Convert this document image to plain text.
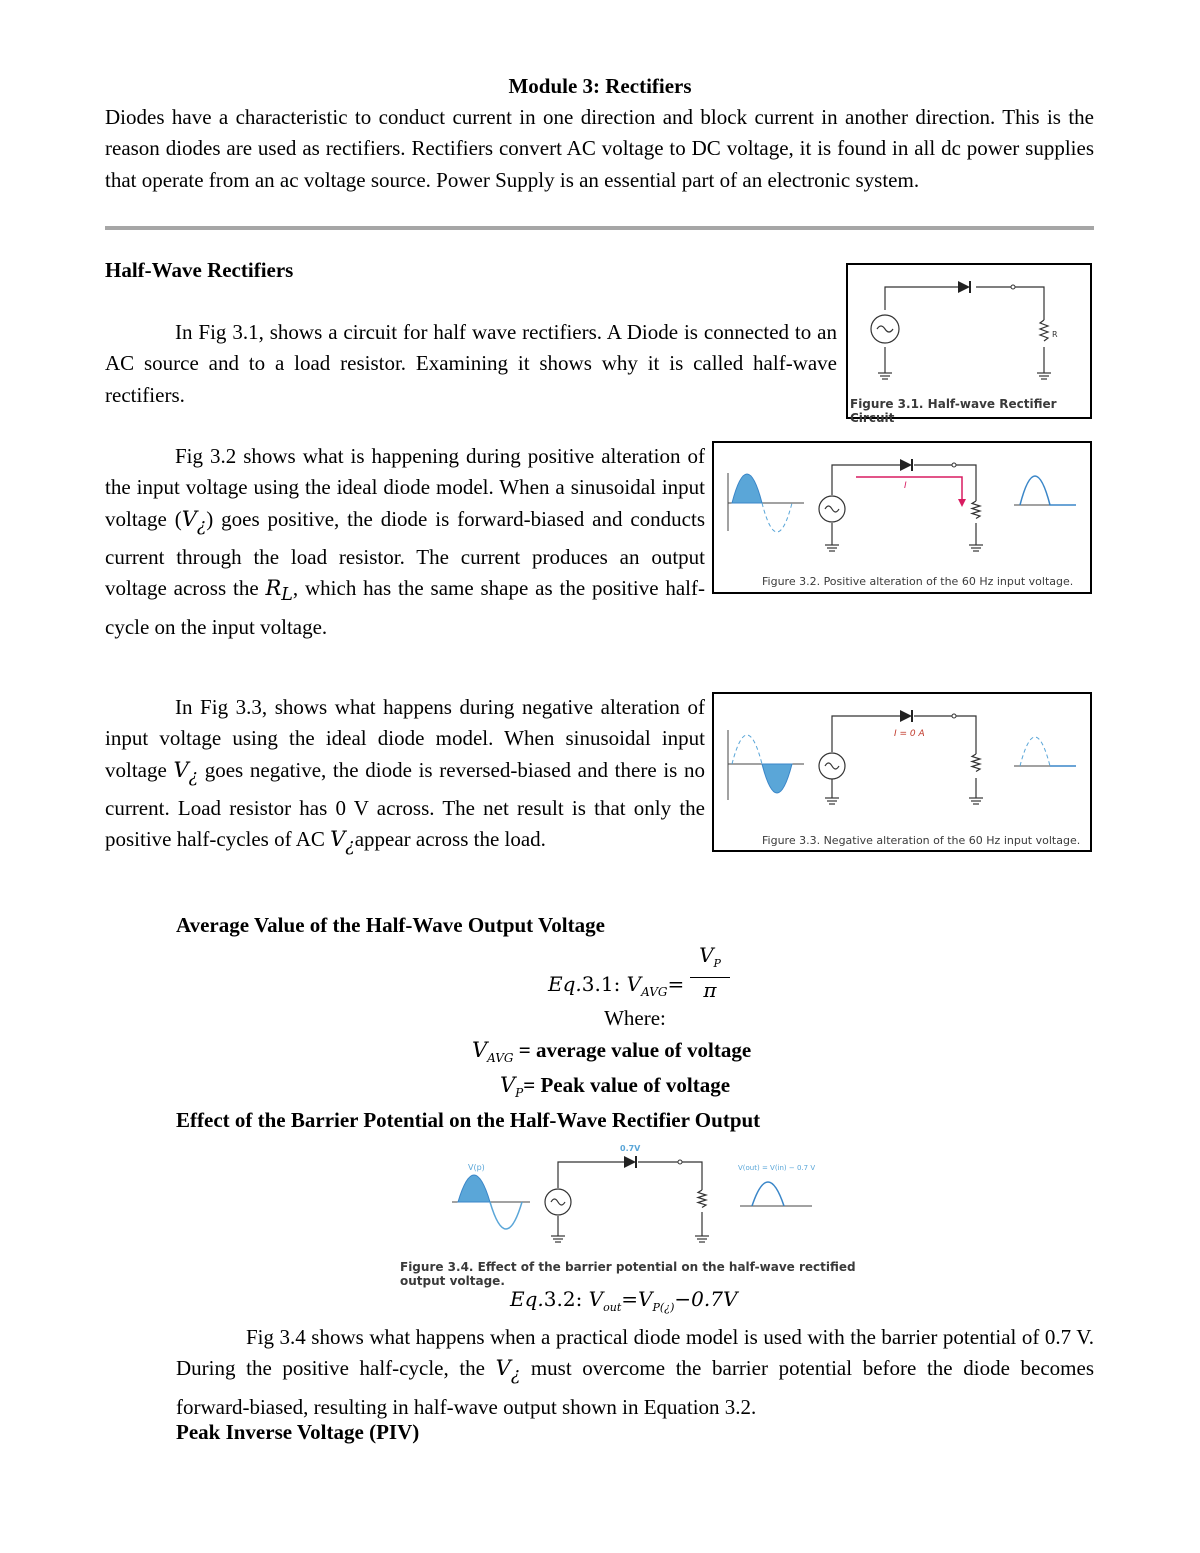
Module 3: Rectifiers
Diodes have a characteristic to conduct current in one direction and block current in another direction. This is the reason diodes are used as rectifiers. Rectifiers convert AC voltage to DC voltage, it is found in all dc power supplies that operate from an ac voltage source. Power Supply is an essential part of an electronic system.
Half-Wave Rectifiers
In Fig 3.1, shows a circuit for half wave rectifiers. A Diode is connected to an AC source and to a load resistor. Examining it shows why it is called half-wave rectifiers.
Fig 3.2 shows what is happening during positive alteration of the input voltage using the ideal diode model. When a sinusoidal input voltage $(V_¿)$ goes positive, the diode is forward-biased and conducts current through the load resistor. The current produces an output voltage across the $R_L$, which has the same shape as the positive half-cycle on the input voltage.
In Fig 3.3, shows what happens during negative alteration of input voltage using the ideal diode model. When sinusoidal input voltage $V_¿$ goes negative, the diode is reversed-biased and there is no current. Load resistor has 0 V across. The net result is that only the positive half-cycles of AC $V_¿appear$ across the load.
R
Figure 3.1. Half-wave Rectifier Circuit
I
Figure 3.2. Positive alteration of the 60 Hz input voltage.
I = 0 A
Figure 3.3. Negative alteration of the 60 Hz input voltage.
Average Value of the Half-Wave Output Voltage
Eq.3.1: $V_{AVG}= \frac{V_P}{\pi}$
Where:
$V_{AVG}$ = average value of voltage
$V_P=$ Peak value of voltage
Effect of the Barrier Potential on the Half-Wave Rectifier Output
V(p)
0.7V
V(out) = V(in) − 0.7 V
Figure 3.4. Effect of the barrier potential on the half-wave rectified output voltage.
Eq.3.2: $V_{out}=V_{P(¿)}-0.7V$
Fig 3.4 shows what happens when a practical diode model is used with the barrier potential of 0.7 V. During the positive half-cycle, the $V_¿$ must overcome the barrier potential before the diode becomes forward-biased, resulting in half-wave output shown in Equation 3.2.
Peak Inverse Voltage (PIV)
